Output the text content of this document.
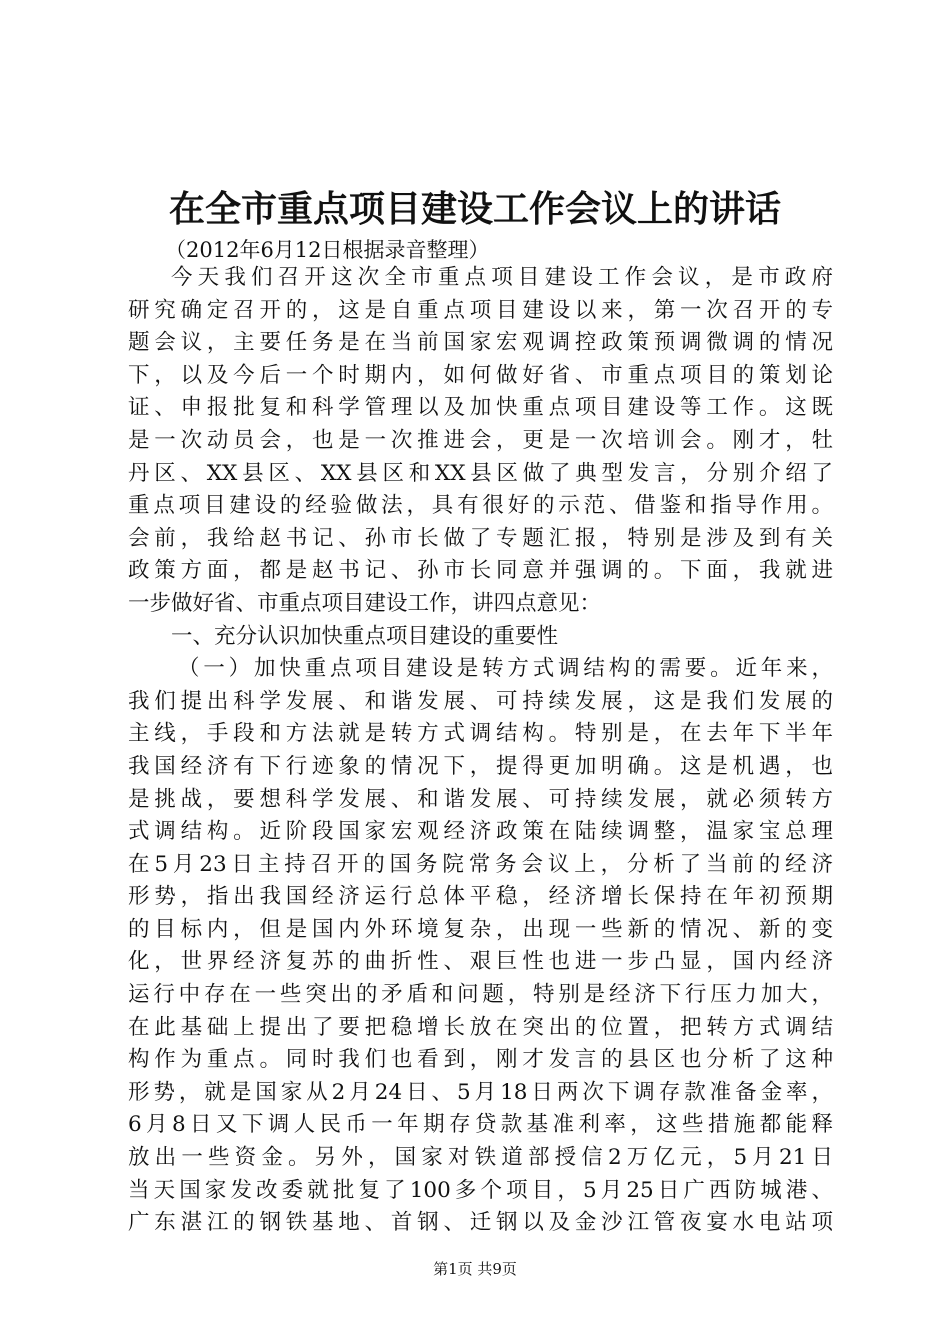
在全市重点项目建设工作会议上的讲话
（2012年6月12日根据录音整理）
今天我们召开这次全市重点项目建设工作会议，是市政府
研究确定召开的，这是自重点项目建设以来，第一次召开的专
题会议，主要任务是在当前国家宏观调控政策预调微调的情况
下，以及今后一个时期内，如何做好省、市重点项目的策划论
证、申报批复和科学管理以及加快重点项目建设等工作。这既
是一次动员会，也是一次推进会，更是一次培训会。刚才，牡
丹区、XX县区、XX县区和XX县区做了典型发言，分别介绍了
重点项目建设的经验做法，具有很好的示范、借鉴和指导作用。
会前，我给赵书记、孙市长做了专题汇报，特别是涉及到有关
政策方面，都是赵书记、孙市长同意并强调的。下面，我就进
一步做好省、市重点项目建设工作，讲四点意见：
一、充分认识加快重点项目建设的重要性
（一）加快重点项目建设是转方式调结构的需要。近年来，
我们提出科学发展、和谐发展、可持续发展，这是我们发展的
主线，手段和方法就是转方式调结构。特别是，在去年下半年
我国经济有下行迹象的情况下，提得更加明确。这是机遇，也
是挑战，要想科学发展、和谐发展、可持续发展，就必须转方
式调结构。近阶段国家宏观经济政策在陆续调整，温家宝总理
在5月23日主持召开的国务院常务会议上，分析了当前的经济
形势，指出我国经济运行总体平稳，经济增长保持在年初预期
的目标内，但是国内外环境复杂，出现一些新的情况、新的变
化，世界经济复苏的曲折性、艰巨性也进一步凸显，国内经济
运行中存在一些突出的矛盾和问题，特别是经济下行压力加大，
在此基础上提出了要把稳增长放在突出的位置，把转方式调结
构作为重点。同时我们也看到，刚才发言的县区也分析了这种
形势，就是国家从2月24日、5月18日两次下调存款准备金率，
6月8日又下调人民币一年期存贷款基准利率，这些措施都能释
放出一些资金。另外，国家对铁道部授信2万亿元，5月21日
当天国家发改委就批复了100多个项目，5月25日广西防城港、
广东湛江的钢铁基地、首钢、迁钢以及金沙江管夜宴水电站项
第1页 共9页
